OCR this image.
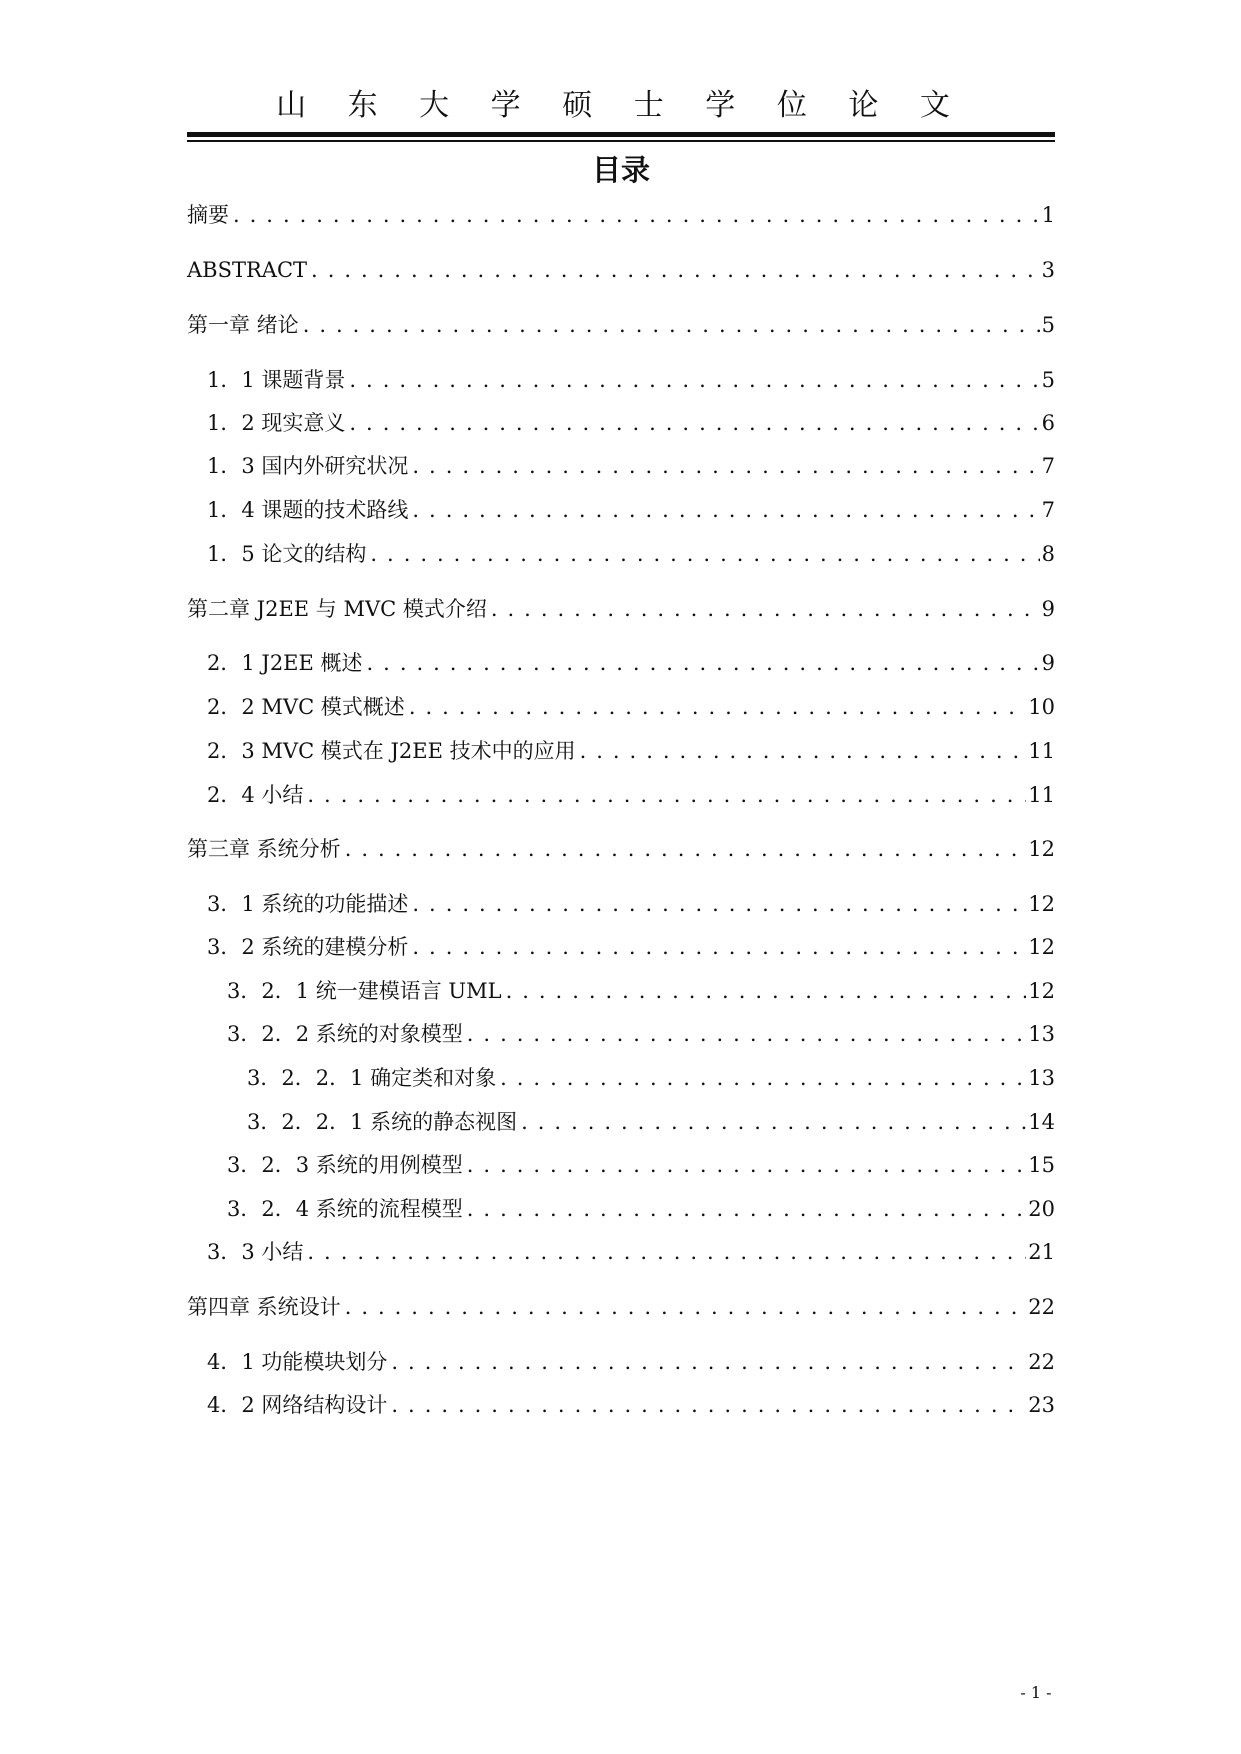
山 东 大 学 硕 士 学 位 论 文
目录
摘要 . . .	1
ABSTRACT . . .	3
第一章 绪论 . . .	5
1．1 课题背景 . . .	5
1．2 现实意义 . . .	6
1．3 国内外研究状况 . . .	7
1．4 课题的技术路线 . . .	7
1．5 论文的结构 . . .	8
第二章 J2EE 与 MVC 模式介绍 . . .	9
2．1 J2EE 概述 . . .	9
2．2 MVC 模式概述 . . .	10
2．3 MVC 模式在 J2EE 技术中的应用 . . .	11
2．4 小结 . . .	11
第三章 系统分析 . . .	12
3．1 系统的功能描述 . . .	12
3．2 系统的建模分析 . . .	12
3．2．1 统一建模语言 UML . . .	12
3．2．2 系统的对象模型 . . .	13
3．2．2．1 确定类和对象 . . .	13
3．2．2．1 系统的静态视图 . . .	14
3．2．3 系统的用例模型 . . .	15
3．2．4 系统的流程模型 . . .	20
3．3 小结 . . .	21
第四章 系统设计 . . .	22
4．1 功能模块划分 . . .	22
4．2 网络结构设计 . . .	23
- 1 -
